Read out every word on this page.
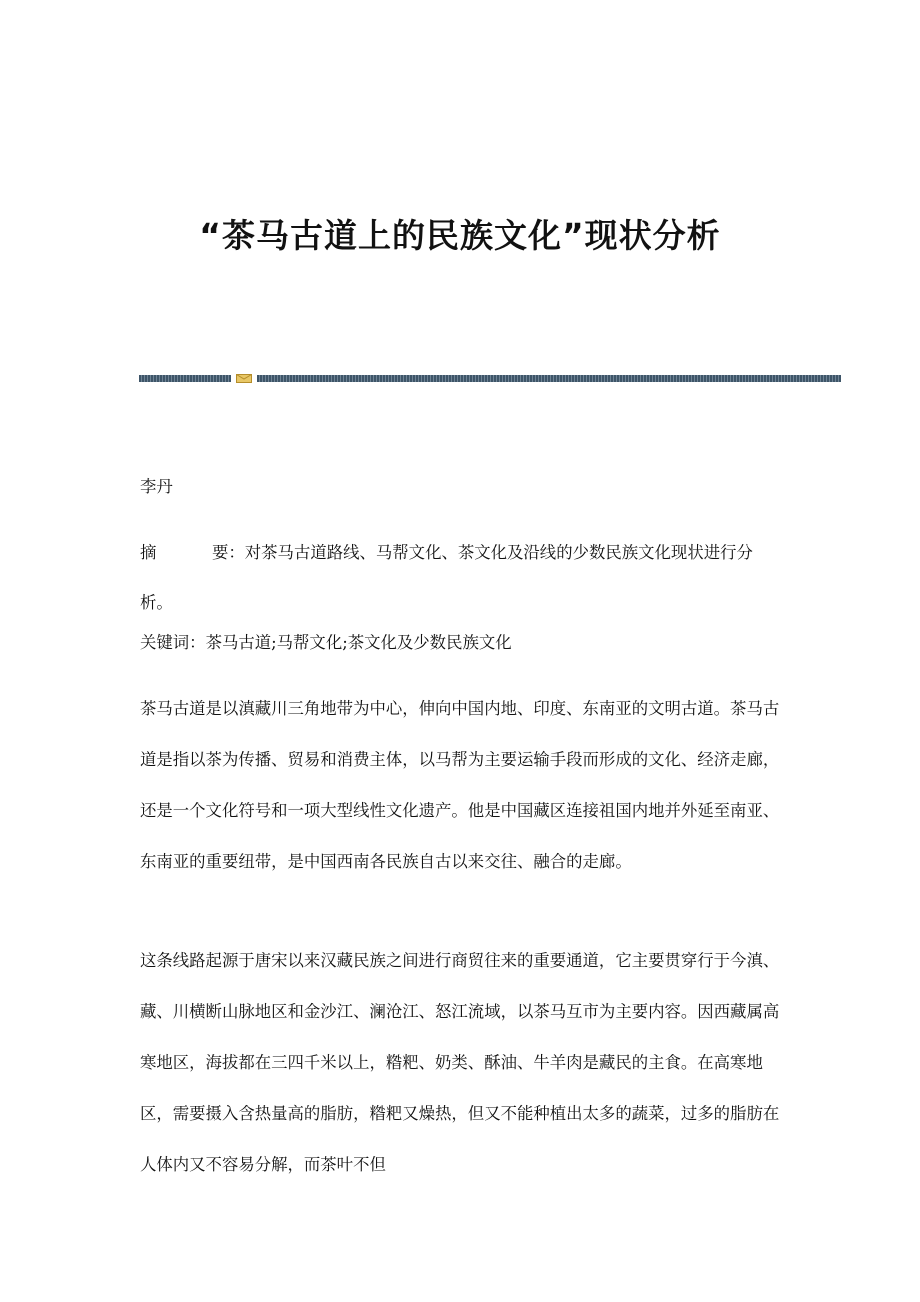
“茶马古道上的民族文化”现状分析

李丹

摘	要：对茶马古道路线、马帮文化、茶文化及沿线的少数民族文化现状进行分析。

关键词：茶马古道;马帮文化;茶文化及少数民族文化

茶马古道是以滇藏川三角地带为中心，伸向中国内地、印度、东南亚的文明古道。茶马古道是指以茶为传播、贸易和消费主体，以马帮为主要运输手段而形成的文化、经济走廊，还是一个文化符号和一项大型线性文化遗产。他是中国藏区连接祖国内地并外延至南亚、东南亚的重要纽带，是中国西南各民族自古以来交往、融合的走廊。

这条线路起源于唐宋以来汉藏民族之间进行商贸往来的重要通道，它主要贯穿行于今滇、藏、川横断山脉地区和金沙江、澜沧江、怒江流域，以茶马互市为主要内容。因西藏属高寒地区，海拔都在三四千米以上，糌粑、奶类、酥油、牛羊肉是藏民的主食。在高寒地区，需要摄入含热量高的脂肪，糌粑又燥热，但又不能种植出太多的蔬菜，过多的脂肪在人体内又不容易分解，而茶叶不但
